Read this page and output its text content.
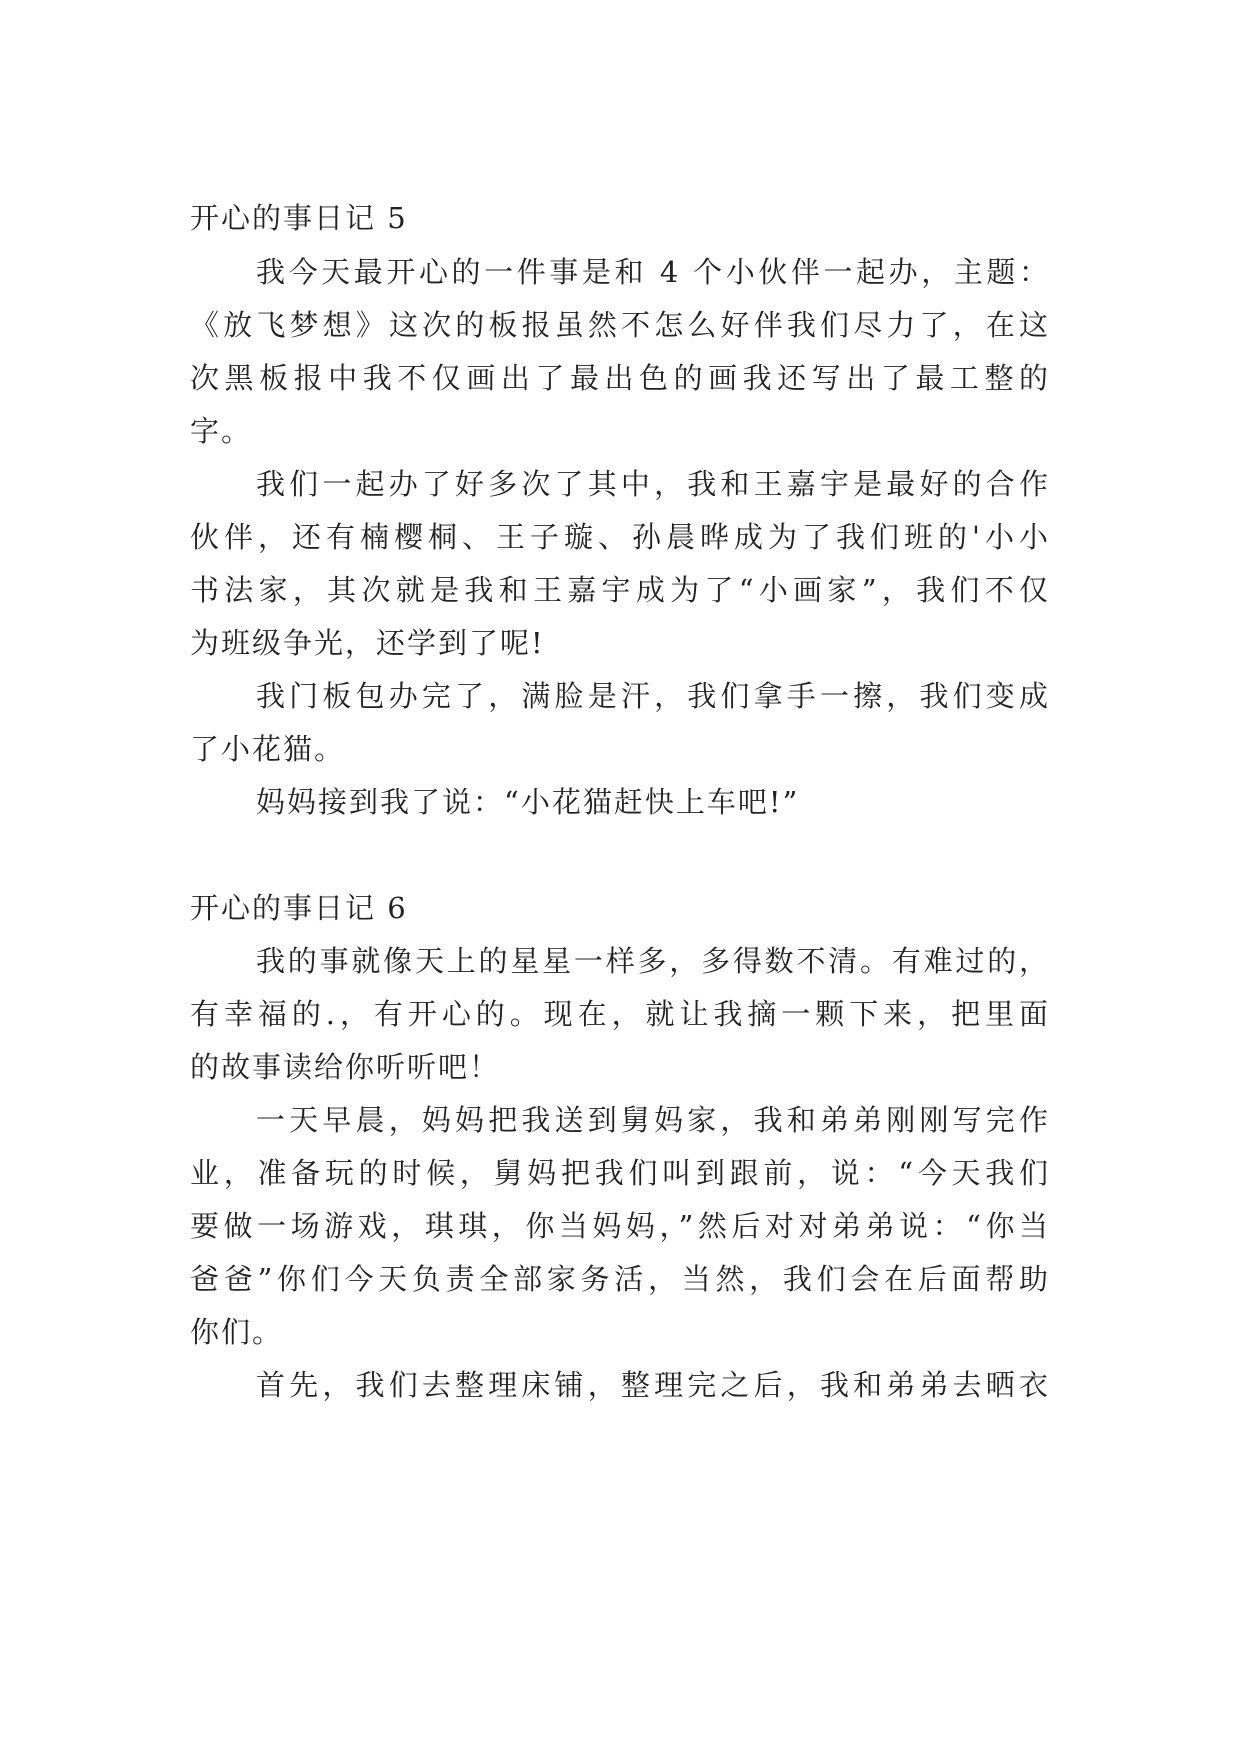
开心的事日记 5
我今天最开心的一件事是和 4 个小伙伴一起办，主题：
《放飞梦想》这次的板报虽然不怎么好伴我们尽力了，在这
次黑板报中我不仅画出了最出色的画我还写出了最工整的
字。
我们一起办了好多次了其中，我和王嘉宇是最好的合作
伙伴，还有楠樱桐、王子璇、孙晨晔成为了我们班的'小小
书法家，其次就是我和王嘉宇成为了“小画家”，我们不仅
为班级争光，还学到了呢!
我门板包办完了，满脸是汗，我们拿手一擦，我们变成
了小花猫。
妈妈接到我了说：“小花猫赶快上车吧!”
开心的事日记 6
我的事就像天上的星星一样多，多得数不清。有难过的，
有幸福的.，有开心的。现在，就让我摘一颗下来，把里面
的故事读给你听听吧！
一天早晨，妈妈把我送到舅妈家，我和弟弟刚刚写完作
业，准备玩的时候，舅妈把我们叫到跟前，说：“今天我们
要做一场游戏，琪琪，你当妈妈，”然后对对弟弟说：“你当
爸爸”你们今天负责全部家务活，当然，我们会在后面帮助
你们。
首先，我们去整理床铺，整理完之后，我和弟弟去晒衣
